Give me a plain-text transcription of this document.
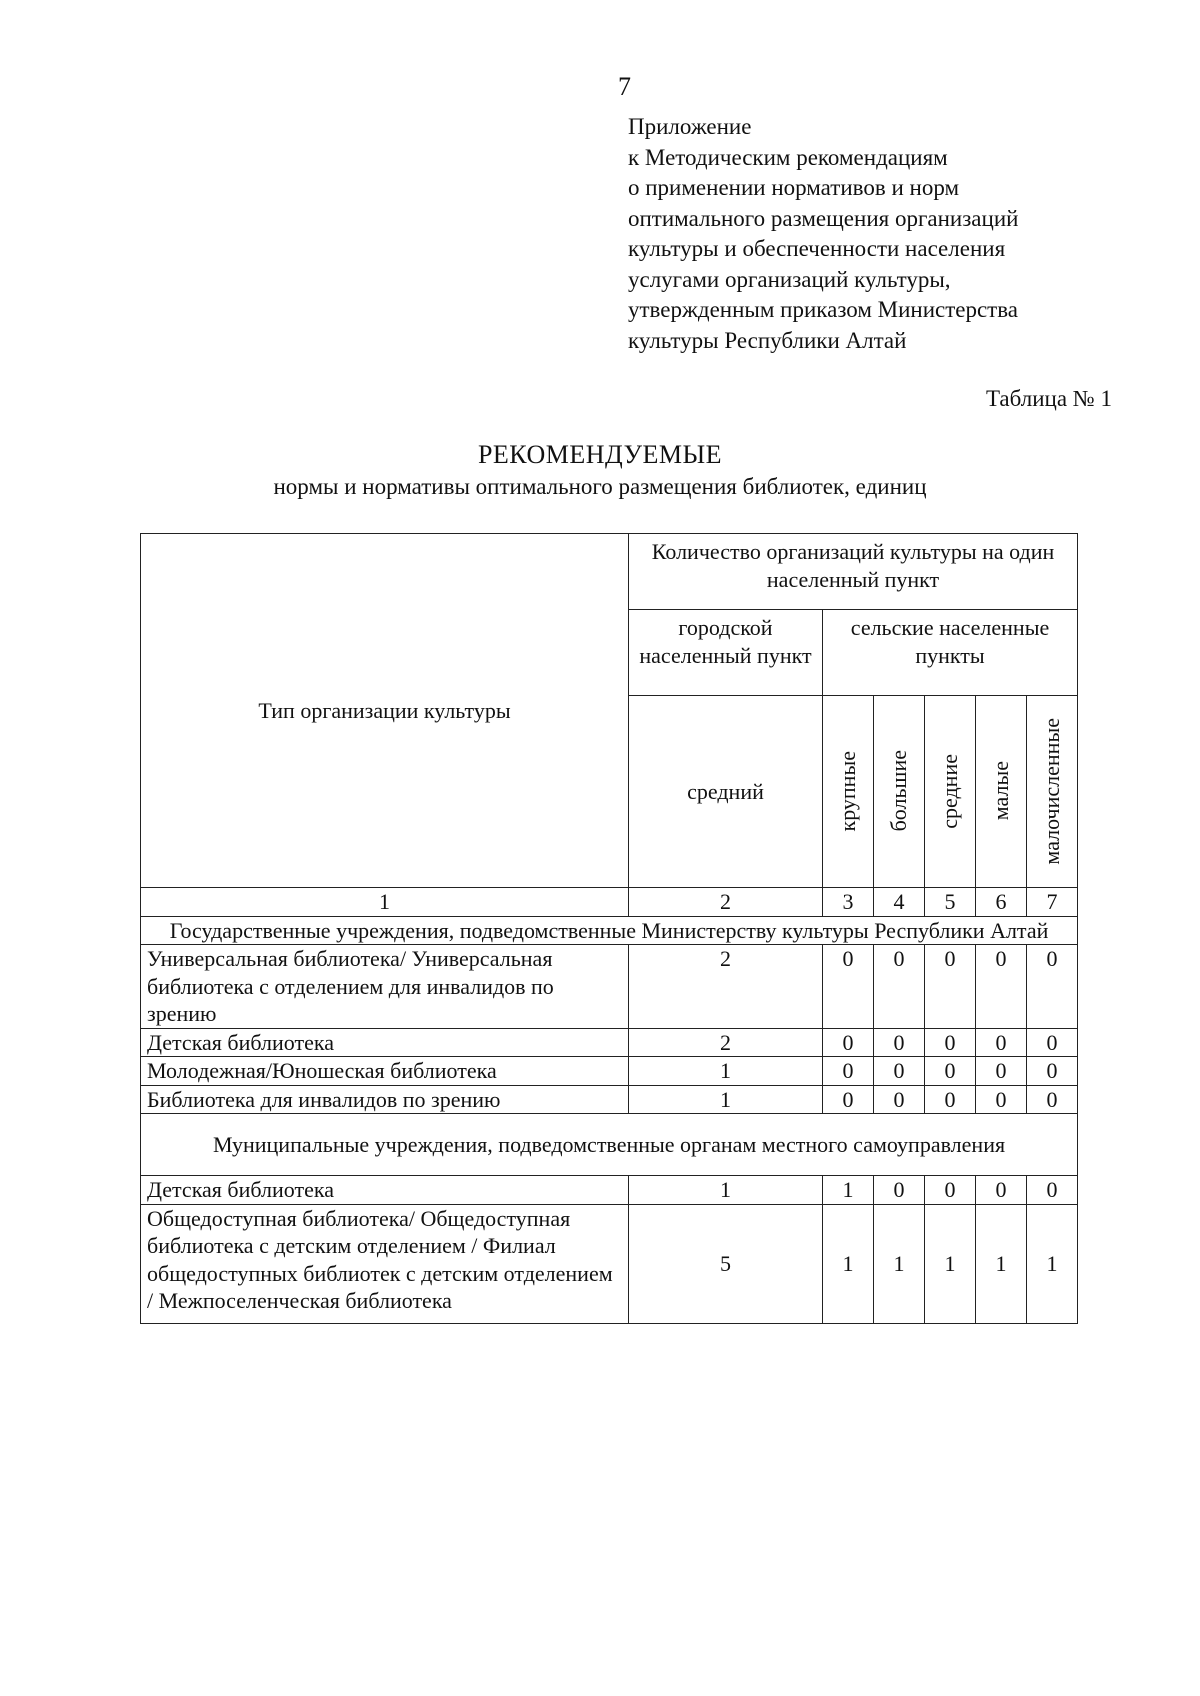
7
Приложение
к Методическим рекомендациям
о применении нормативов и норм
оптимального размещения организаций
культуры и обеспеченности населения
услугами организаций культуры,
утвержденным приказом Министерства
культуры Республики Алтай
Таблица № 1
РЕКОМЕНДУЕМЫЕ
нормы и нормативы оптимального размещения библиотек, единиц
Тип организации культуры	Количество организаций культуры на один населенный пункт					
	городской населенный пункт	сельские населенные пункты				
	средний	крупные	большие	средние	малые	малочисленные

1	2	3	4	5	6	7
Государственные учреждения, подведомственные Министерству культуры Республики Алтай						
Универсальная библиотека/ Универсальная библиотека с отделением для инвалидов по зрению	2	0	0	0	0	0
Детская библиотека	2	0	0	0	0	0
Молодежная/Юношеская библиотека	1	0	0	0	0	0
Библиотека для инвалидов по зрению	1	0	0	0	0	0
Муниципальные учреждения, подведомственные органам местного самоуправления						
Детская библиотека	1	1	0	0	0	0
Общедоступная библиотека/ Общедоступная библиотека с детским отделением / Филиал общедоступных библиотек с детским отделением / Межпоселенческая библиотека	5	1	1	1	1	1
